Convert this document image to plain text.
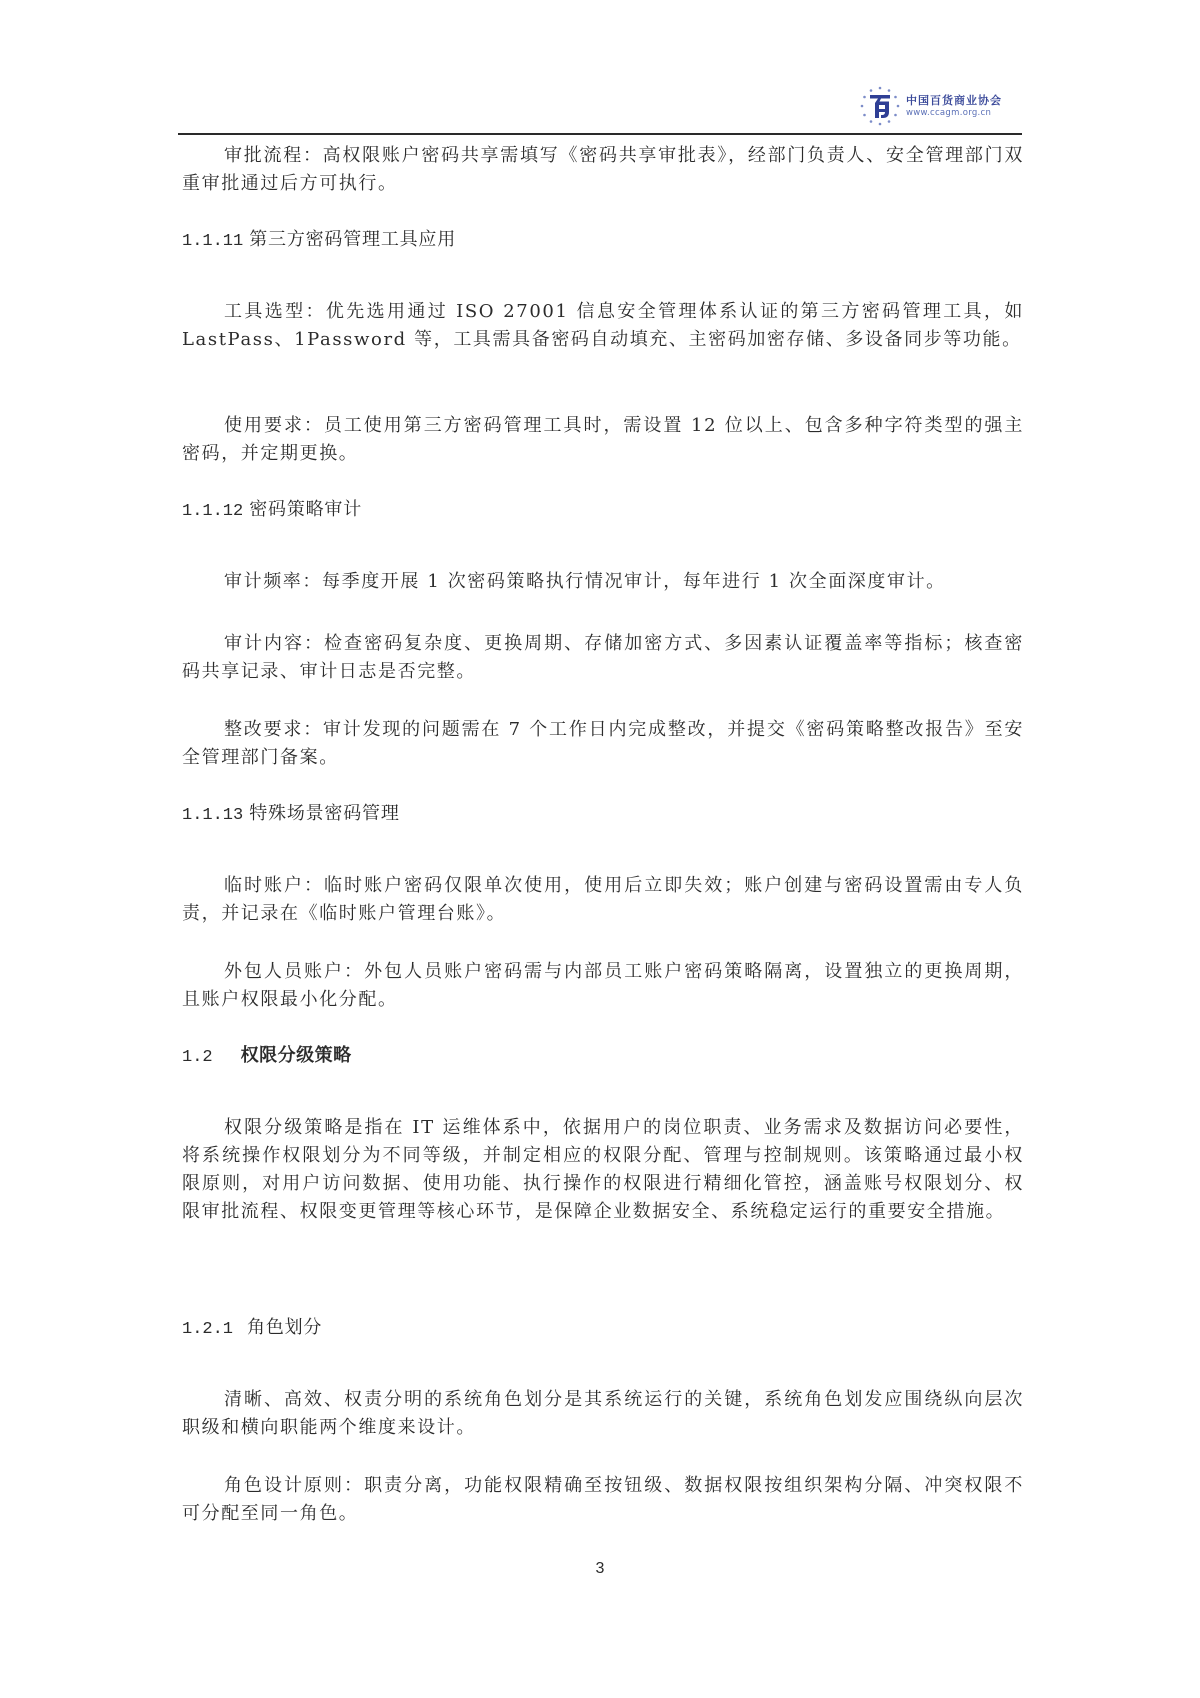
中国百货商业协会
www.ccagm.org.cn

审批流程：高权限账户密码共享需填写《密码共享审批表》，经部门负责人、安全管理部门双重审批通过后方可执行。

1.1.11 第三方密码管理工具应用

工具选型：优先选用通过 ISO 27001 信息安全管理体系认证的第三方密码管理工具，如 LastPass、1Password 等，工具需具备密码自动填充、主密码加密存储、多设备同步等功能。

使用要求：员工使用第三方密码管理工具时，需设置 12 位以上、包含多种字符类型的强主密码，并定期更换。

1.1.12 密码策略审计

审计频率：每季度开展 1 次密码策略执行情况审计，每年进行 1 次全面深度审计。

审计内容：检查密码复杂度、更换周期、存储加密方式、多因素认证覆盖率等指标；核查密码共享记录、审计日志是否完整。

整改要求：审计发现的问题需在 7 个工作日内完成整改，并提交《密码策略整改报告》至安全管理部门备案。

1.1.13 特殊场景密码管理

临时账户：临时账户密码仅限单次使用，使用后立即失效；账户创建与密码设置需由专人负责，并记录在《临时账户管理台账》。

外包人员账户：外包人员账户密码需与内部员工账户密码策略隔离，设置独立的更换周期，且账户权限最小化分配。

1.2 权限分级策略

权限分级策略是指在 IT 运维体系中，依据用户的岗位职责、业务需求及数据访问必要性，将系统操作权限划分为不同等级，并制定相应的权限分配、管理与控制规则。该策略通过最小权限原则，对用户访问数据、使用功能、执行操作的权限进行精细化管控，涵盖账号权限划分、权限审批流程、权限变更管理等核心环节，是保障企业数据安全、系统稳定运行的重要安全措施。

1.2.1 角色划分

清晰、高效、权责分明的系统角色划分是其系统运行的关键，系统角色划发应围绕纵向层次职级和横向职能两个维度来设计。

角色设计原则：职责分离，功能权限精确至按钮级、数据权限按组织架构分隔、冲突权限不可分配至同一角色。

3
